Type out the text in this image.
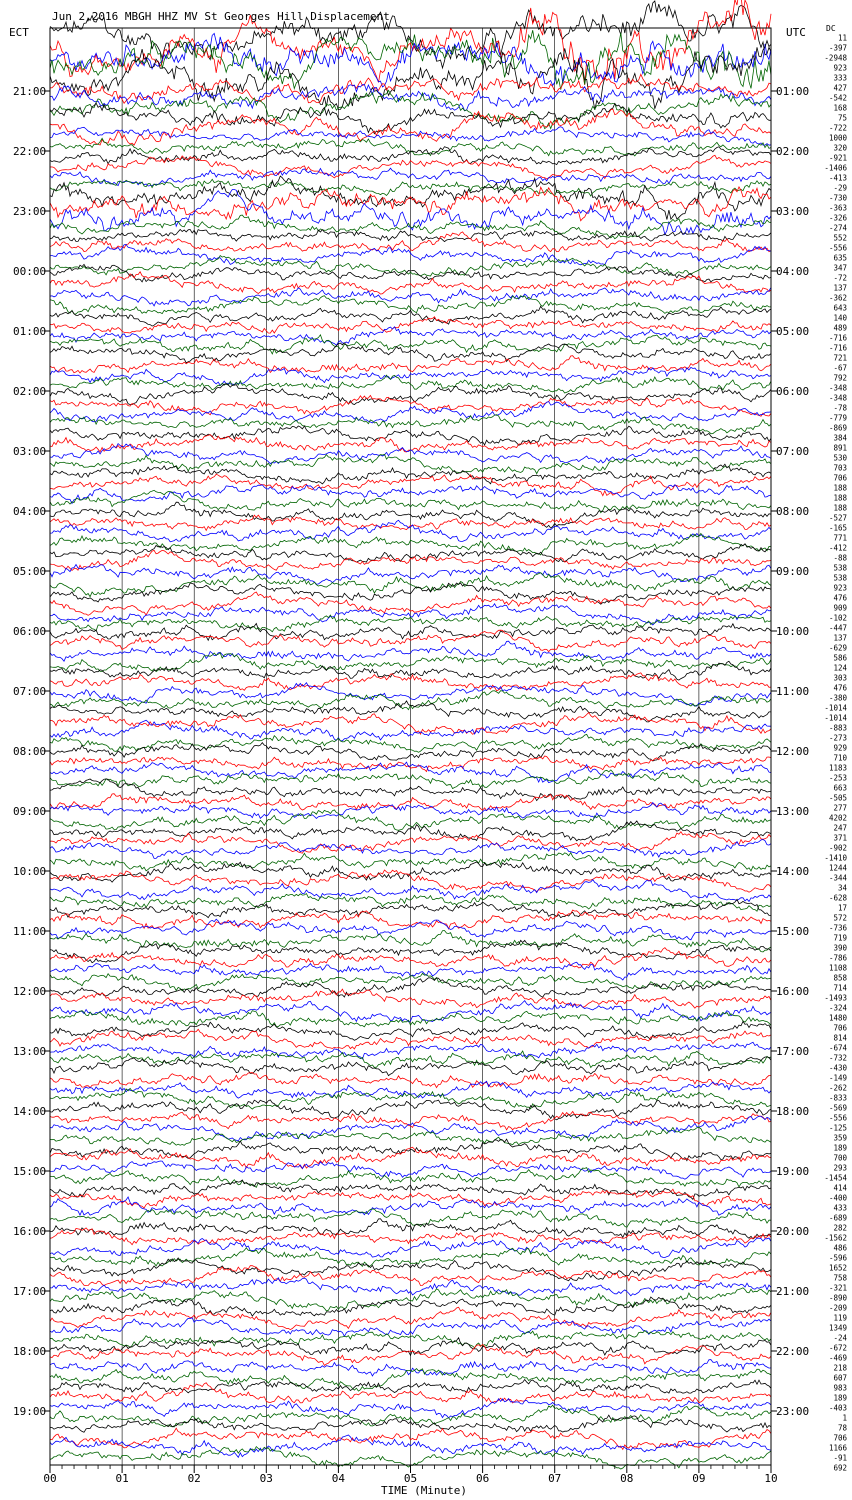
00	01	02	03	04	05	06	07	08	09	10
21:00
22:00
23:00
00:00
01:00
02:00
03:00
04:00
05:00
06:00
07:00
08:00
09:00
10:00
11:00
12:00
13:00
14:00
15:00
16:00
17:00
18:00
19:00
01:00
02:00
03:00
04:00
05:00
06:00
07:00
08:00
09:00
10:00
11:00
12:00
13:00
14:00
15:00
16:00
17:00
18:00
19:00
20:00
21:00
22:00
23:00
11
-397
-2948
923
333
427
-542
168
75
-722
1000
320
-921
-1406
-413
-29
-730
-363
-326
-274
552
-556
635
347
-72
137
-362
643
140
489
-716
-716
721
-67
792
-348
-348
-78
-779
-869
384
891
530
703
706
188
188
188
-527
-165
771
-412
-88
538
538
923
476
909
-102
-447
137
-629
586
124
303
476
-380
-1014
-1014
-883
-273
929
710
1183
-253
663
-505
277
4202
247
371
-902
-1410
1244
-344
34
-628
17
572
-736
719
390
-786
1108
858
714
-1493
-324
1480
706
814
-674
-732
-430
-149
-262
-833
-569
-556
-125
359
189
700
293
-1454
414
-400
433
-689
282
-1562
486
-596
1652
758
-321
-890
-209
119
1349
-24
-672
-469
218
607
983
189
-403
1
78
706
1166
-91
692
Jun 2,2016 MBGH HHZ MV St Georges Hill Displacement
ECT	UTC	DC
TIME (Minute)
